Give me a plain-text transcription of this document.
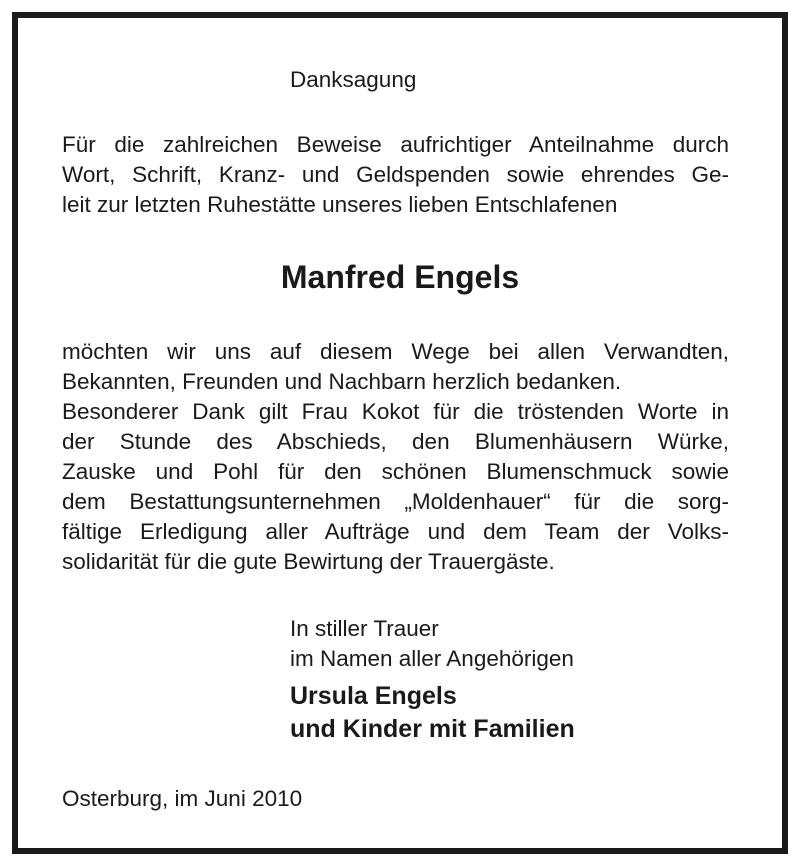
Danksagung
Für die zahlreichen Beweise aufrichtiger Anteilnahme durch
Wort, Schrift, Kranz- und Geldspenden sowie ehrendes Ge-
leit zur letzten Ruhestätte unseres lieben Entschlafenen
Manfred Engels
möchten wir uns auf diesem Wege bei allen Verwandten,
Bekannten, Freunden und Nachbarn herzlich bedanken.
Besonderer Dank gilt Frau Kokot für die tröstenden Worte in
der Stunde des Abschieds, den Blumenhäusern Würke,
Zauske und Pohl für den schönen Blumenschmuck sowie
dem Bestattungsunternehmen „Moldenhauer“ für die sorg-
fältige Erledigung aller Aufträge und dem Team der Volks-
solidarität für die gute Bewirtung der Trauergäste.
In stiller Trauer
im Namen aller Angehörigen
Ursula Engels
und Kinder mit Familien
Osterburg, im Juni 2010
